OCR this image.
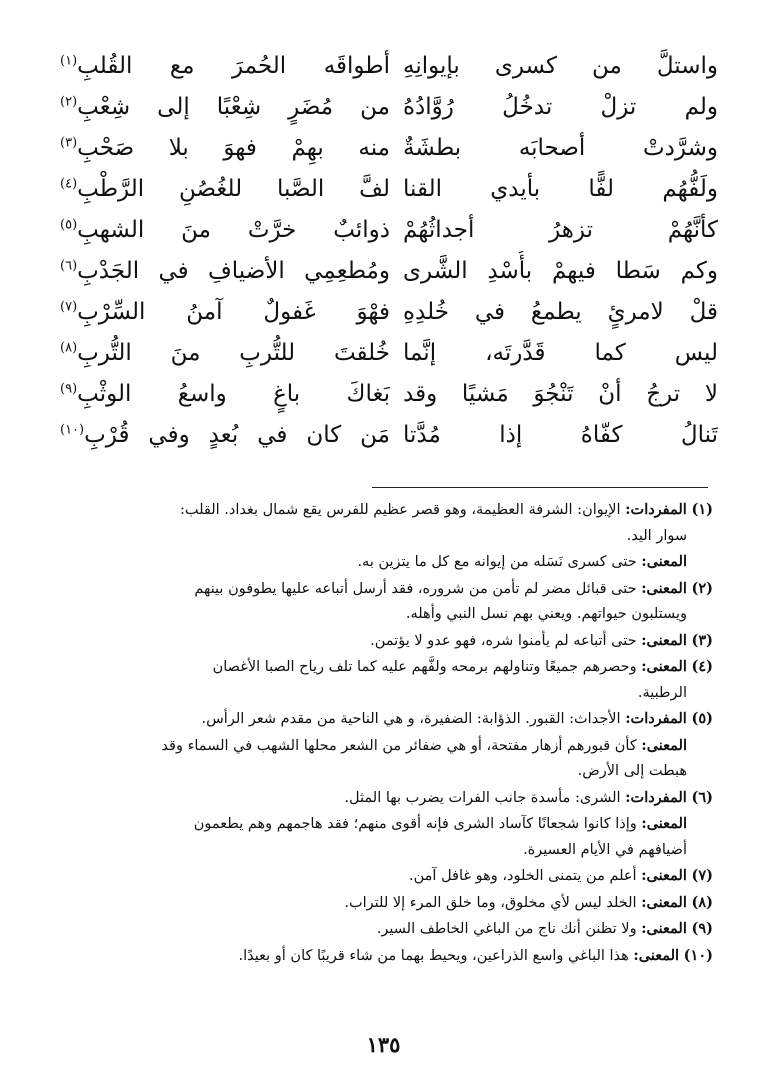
واستلَّ من كسرى بإيوانِهِ
أطواقَه الحُمرَ مع القُلبِ$^{(١)}$
ولم تزلْ تدخُلُ رُوَّادُهُ
من مُضَرٍ شِعْبًا إلى شِعْبِ$^{(٢)}$
وشرَّدتْ أصحابَه بطشَةٌ
منه بهِمْ فهوَ بلا صَحْبِ$^{(٣)}$
ولَفُّهُم لفًّا بأيدي القنا
لفَّ الصَّبا للغُصُنِ الرَّطْبِ$^{(٤)}$
كأنَّهُمْ تزهرُ أجداثُهُمْ
ذوائبٌ خرَّتْ منَ الشهبِ$^{(٥)}$
وكم سَطا فيهمْ بأُسْدِ الشَّرى
ومُطعِمِي الأضيافِ في الجَدْبِ$^{(٦)}$
قلْ لامرئٍ يطمعُ في خُلدِهِ
فهْوَ غَفولٌ آمنُ السِّرْبِ$^{(٧)}$
ليس كما قَدَّرتَه، إنَّما
خُلقتَ للتُّربِ منَ التُّربِ$^{(٨)}$
لا ترجُ أنْ تَنْجُوَ مَشيًا وقد
بَغاكَ باغٍ واسعُ الوثْبِ$^{(٩)}$
تَنالُ كفّاهُ إذا مُدَّتا
مَن كان في بُعدٍ وفي قُرْبِ$^{(١٠)}$
(١) المفردات: الإيوان: الشرفة العظيمة، وهو قصر عظيم للفرس يقع شمال بغداد. القلب:
سوار اليد.
المعنى: حتى كسرى نَسَله من إيوانه مع كل ما يتزين به.
(٢) المعنى: حتى قبائل مضر لم تأمن من شروره، فقد أرسل أتباعه عليها يطوفون بينهم
ويستلبون حيواتهم. ويعني بهم نسل النبي وأهله.
(٣) المعنى: حتى أتباعه لم يأمنوا شره، فهو عدو لا يؤتمن.
(٤) المعنى: وحصرهم جميعًا وتناولهم برمحه ولفَّهم عليه كما تلف رياح الصبا الأغصان
الرطبية.
(٥) المفردات: الأجداث: القبور. الذؤابة: الضفيرة، و هي الناحية من مقدم شعر الرأس.
المعنى: كأن قبورهم أزهار مفتحة، أو هي ضفائر من الشعر محلها الشهب في السماء وقد
هبطت إلى الأرض.
(٦) المفردات: الشرى: مأسدة جانب الفرات يضرب بها المثل.
المعنى: وإذا كانوا شجعانًا كآساد الشرى فإنه أقوى منهم؛ فقد هاجمهم وهم يطعمون
أضيافهم في الأيام العسيرة.
(٧) المعنى: أعلم من يتمنى الخلود، وهو غافل آمن.
(٨) المعنى: الخلد ليس لأي مخلوق، وما خلق المرء إلا للتراب.
(٩) المعنى: ولا تظنن أنك ناج من الباغي الخاطف السير.
(١٠) المعنى: هذا الباغي واسع الذراعين، ويحيط بهما من شاء قريبًا كان أو بعيدًا.
١٣٥
